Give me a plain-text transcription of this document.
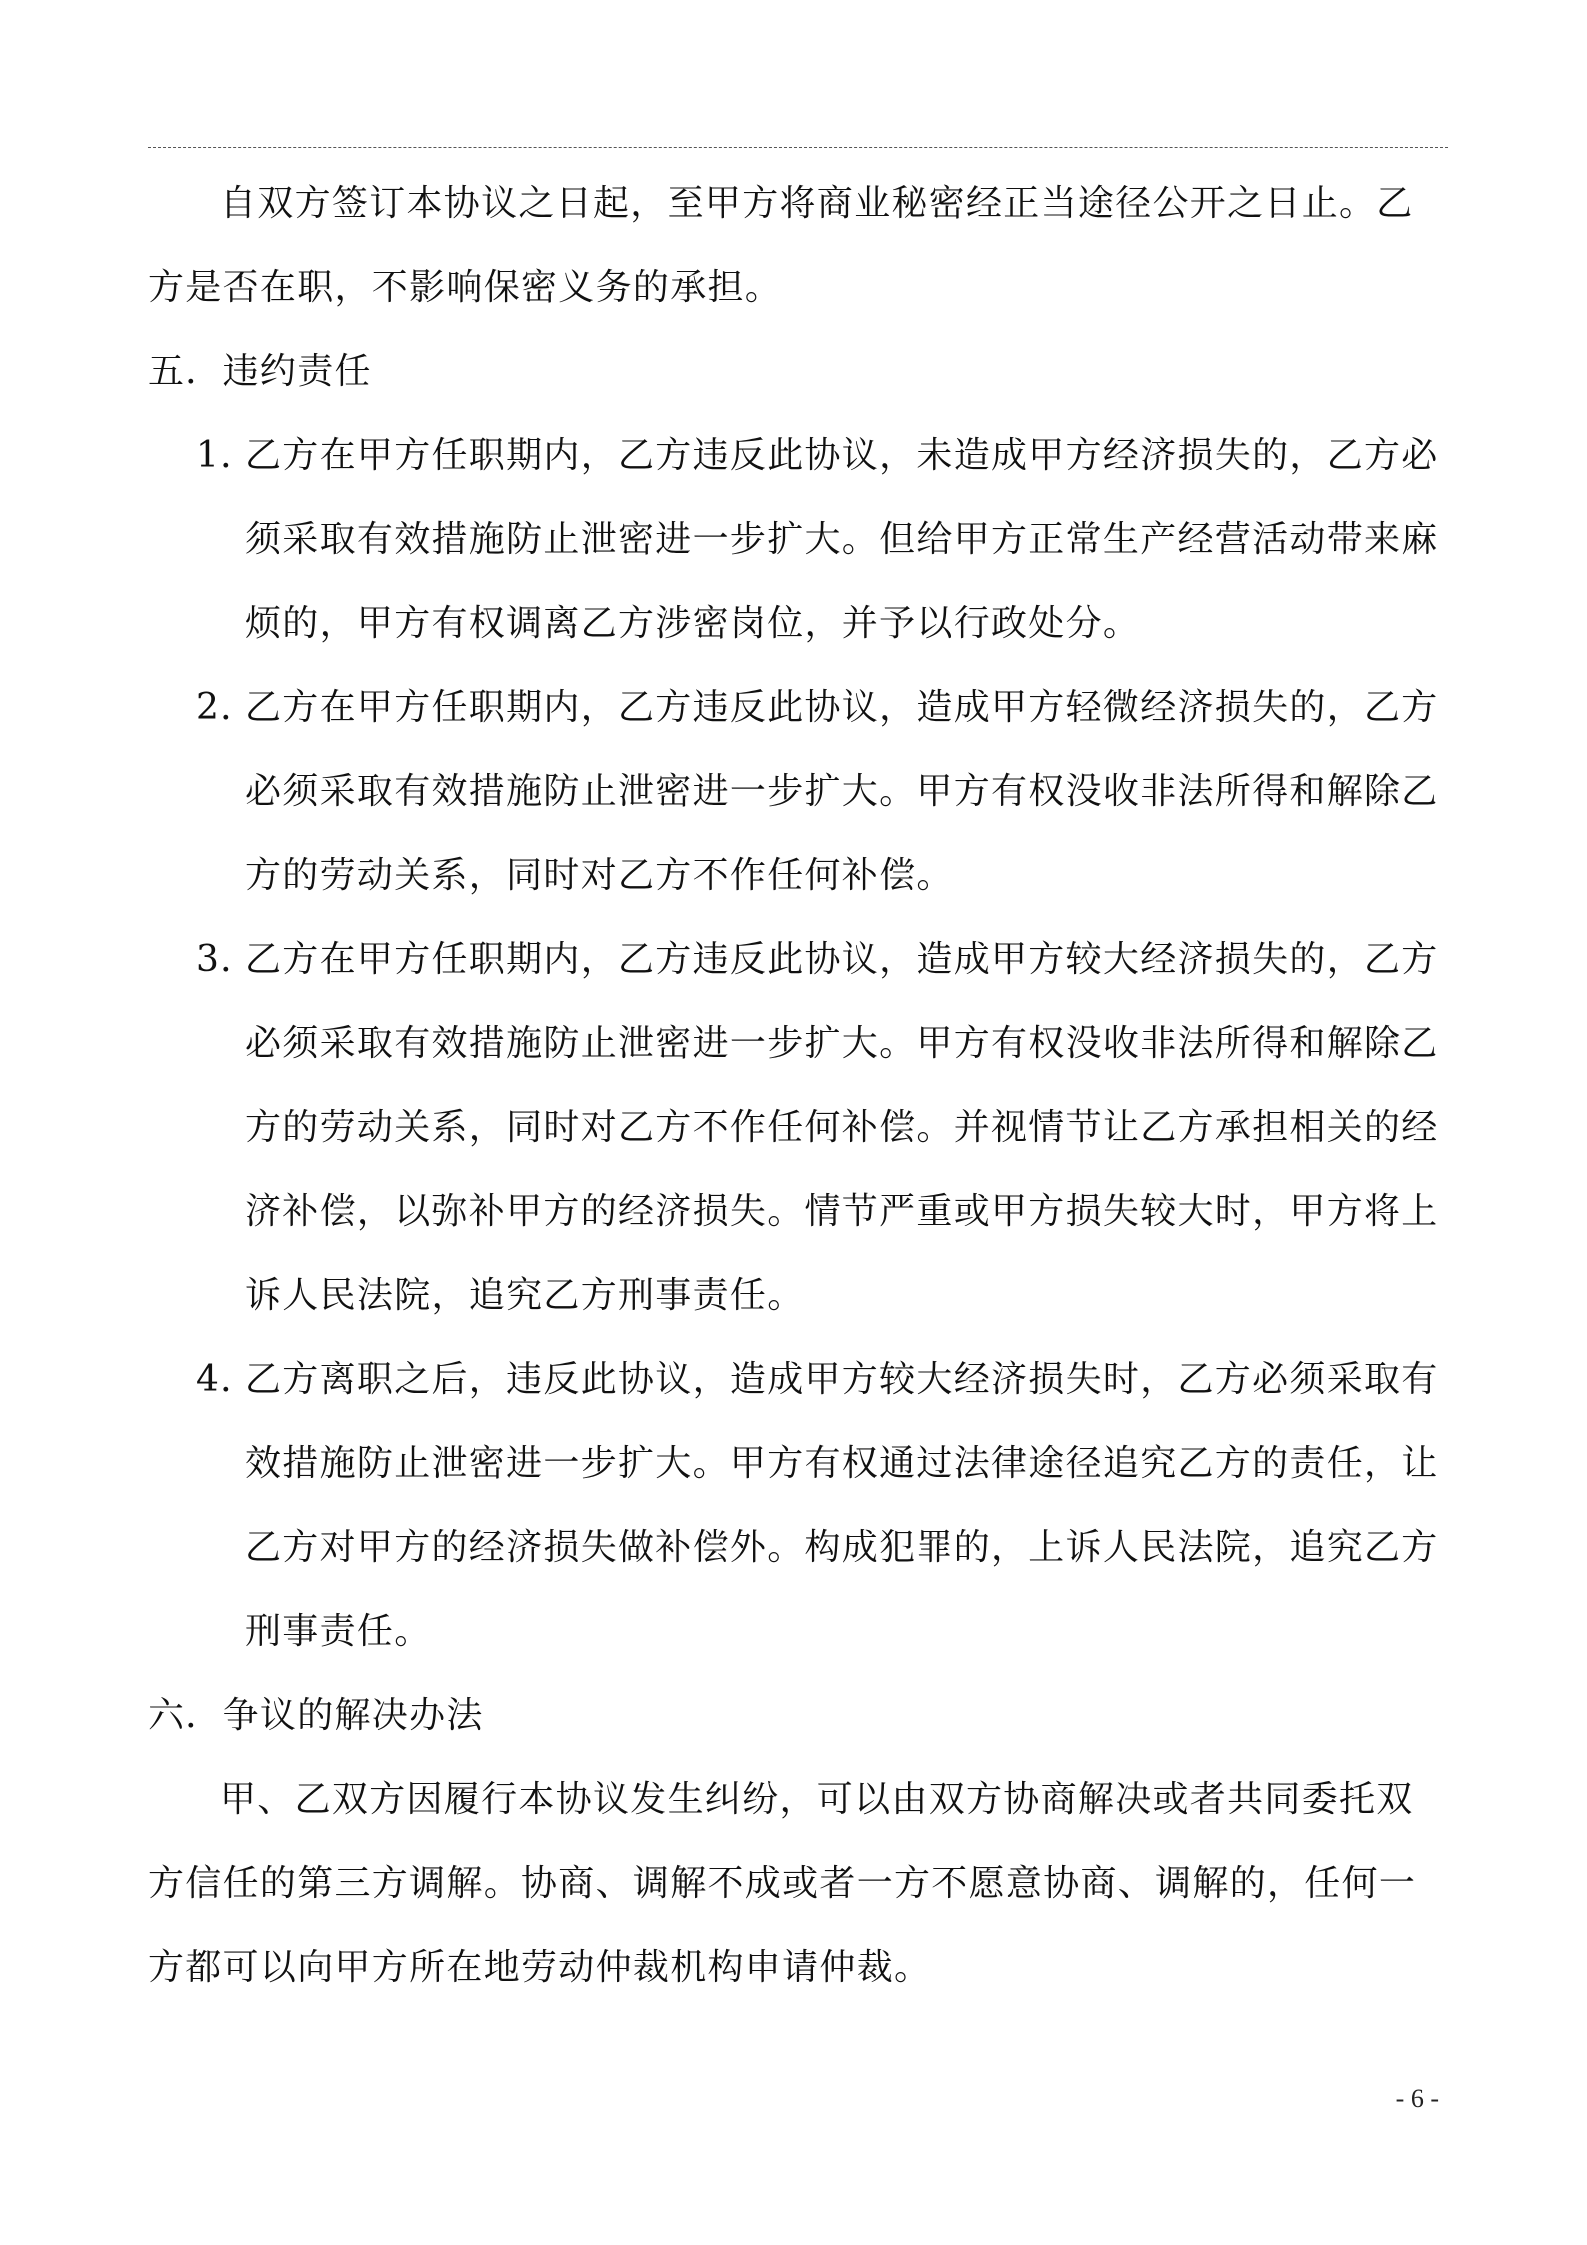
自双方签订本协议之日起，至甲方将商业秘密经正当途径公开之日止。乙方是否在职，不影响保密义务的承担。

五．违约责任

1．

乙方在甲方任职期内，乙方违反此协议，未造成甲方经济损失的，乙方必须采取有效措施防止泄密进一步扩大。但给甲方正常生产经营活动带来麻烦的，甲方有权调离乙方涉密岗位，并予以行政处分。

2．

乙方在甲方任职期内，乙方违反此协议，造成甲方轻微经济损失的，乙方必须采取有效措施防止泄密进一步扩大。甲方有权没收非法所得和解除乙方的劳动关系，同时对乙方不作任何补偿。

3．

乙方在甲方任职期内，乙方违反此协议，造成甲方较大经济损失的，乙方必须采取有效措施防止泄密进一步扩大。甲方有权没收非法所得和解除乙方的劳动关系，同时对乙方不作任何补偿。并视情节让乙方承担相关的经济补偿，以弥补甲方的经济损失。情节严重或甲方损失较大时，甲方将上诉人民法院，追究乙方刑事责任。

4．

乙方离职之后，违反此协议，造成甲方较大经济损失时，乙方必须采取有效措施防止泄密进一步扩大。甲方有权通过法律途径追究乙方的责任，让乙方对甲方的经济损失做补偿外。构成犯罪的，上诉人民法院，追究乙方刑事责任。

六．争议的解决办法

甲、乙双方因履行本协议发生纠纷，可以由双方协商解决或者共同委托双方信任的第三方调解。协商、调解不成或者一方不愿意协商、调解的，任何一方都可以向甲方所在地劳动仲裁机构申请仲裁。

- 6 -
